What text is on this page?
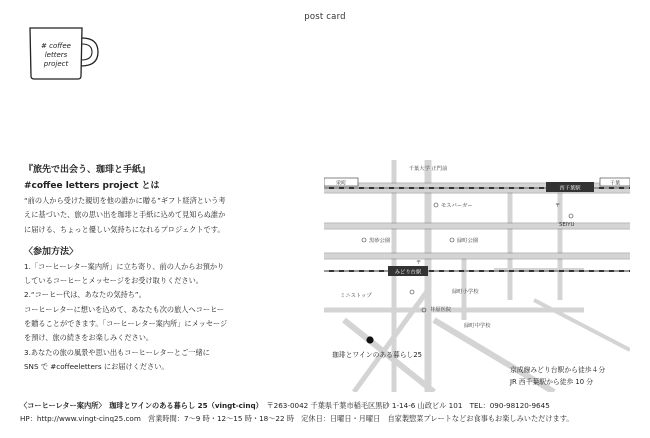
post card
# coffee
letters
project
『旅先で出会う、珈琲と手紙』
#coffee letters project とは
“前の人から受けた親切を他の誰かに贈る”ギフト経済という考
えに基づいた、旅の思い出を珈琲と手紙に込めて見知らぬ誰か
に届ける、ちょっと優しい気持ちになれるプロジェクトです。
〈参加方法〉
1.「コーヒーレター案内所」に立ち寄り、前の人からお預かり
しているコーヒーとメッセージをお受け取りください。
2.“コーヒー代は、あなたの気持ち”。
コーヒーレターに想いを込めて、あなたも次の旅人へコーヒー
を贈ることができます。「コーヒーレター案内所」にメッセージ
を預け、旅の続きをお楽しみください。
3.あなたの旅の風景や思い出もコーヒーレターとご一緒に
SNS で #coffeeletters にお届けください。
栄町
西千葉駅
千葉
千葉大学 正門前
みどり台駅
モスバーガー	〒
SEIYU
黒砂公園	緑町公園
〒
ミニストップ
緑町小学校
井原医院
緑町中学校
珈琲とワインのある暮らし25
京成線みどり台駅から徒歩４分
JR 西千葉駅から徒歩 10 分
〈コーヒーレター案内所〉　珈琲とワインのある暮らし 25（vingt-cinq）　 〒263-0042 千葉県千葉市稲毛区黒砂 1-14-6 山政ビル 101　TEL：090-98120-9645
HP：http://www.vingt-cinq25.com　営業時間：7～9 時・12～15 時・18～22 時　定休日：日曜日・月曜日　自家製惣菜プレートなどお食事もお楽しみいただけます。
